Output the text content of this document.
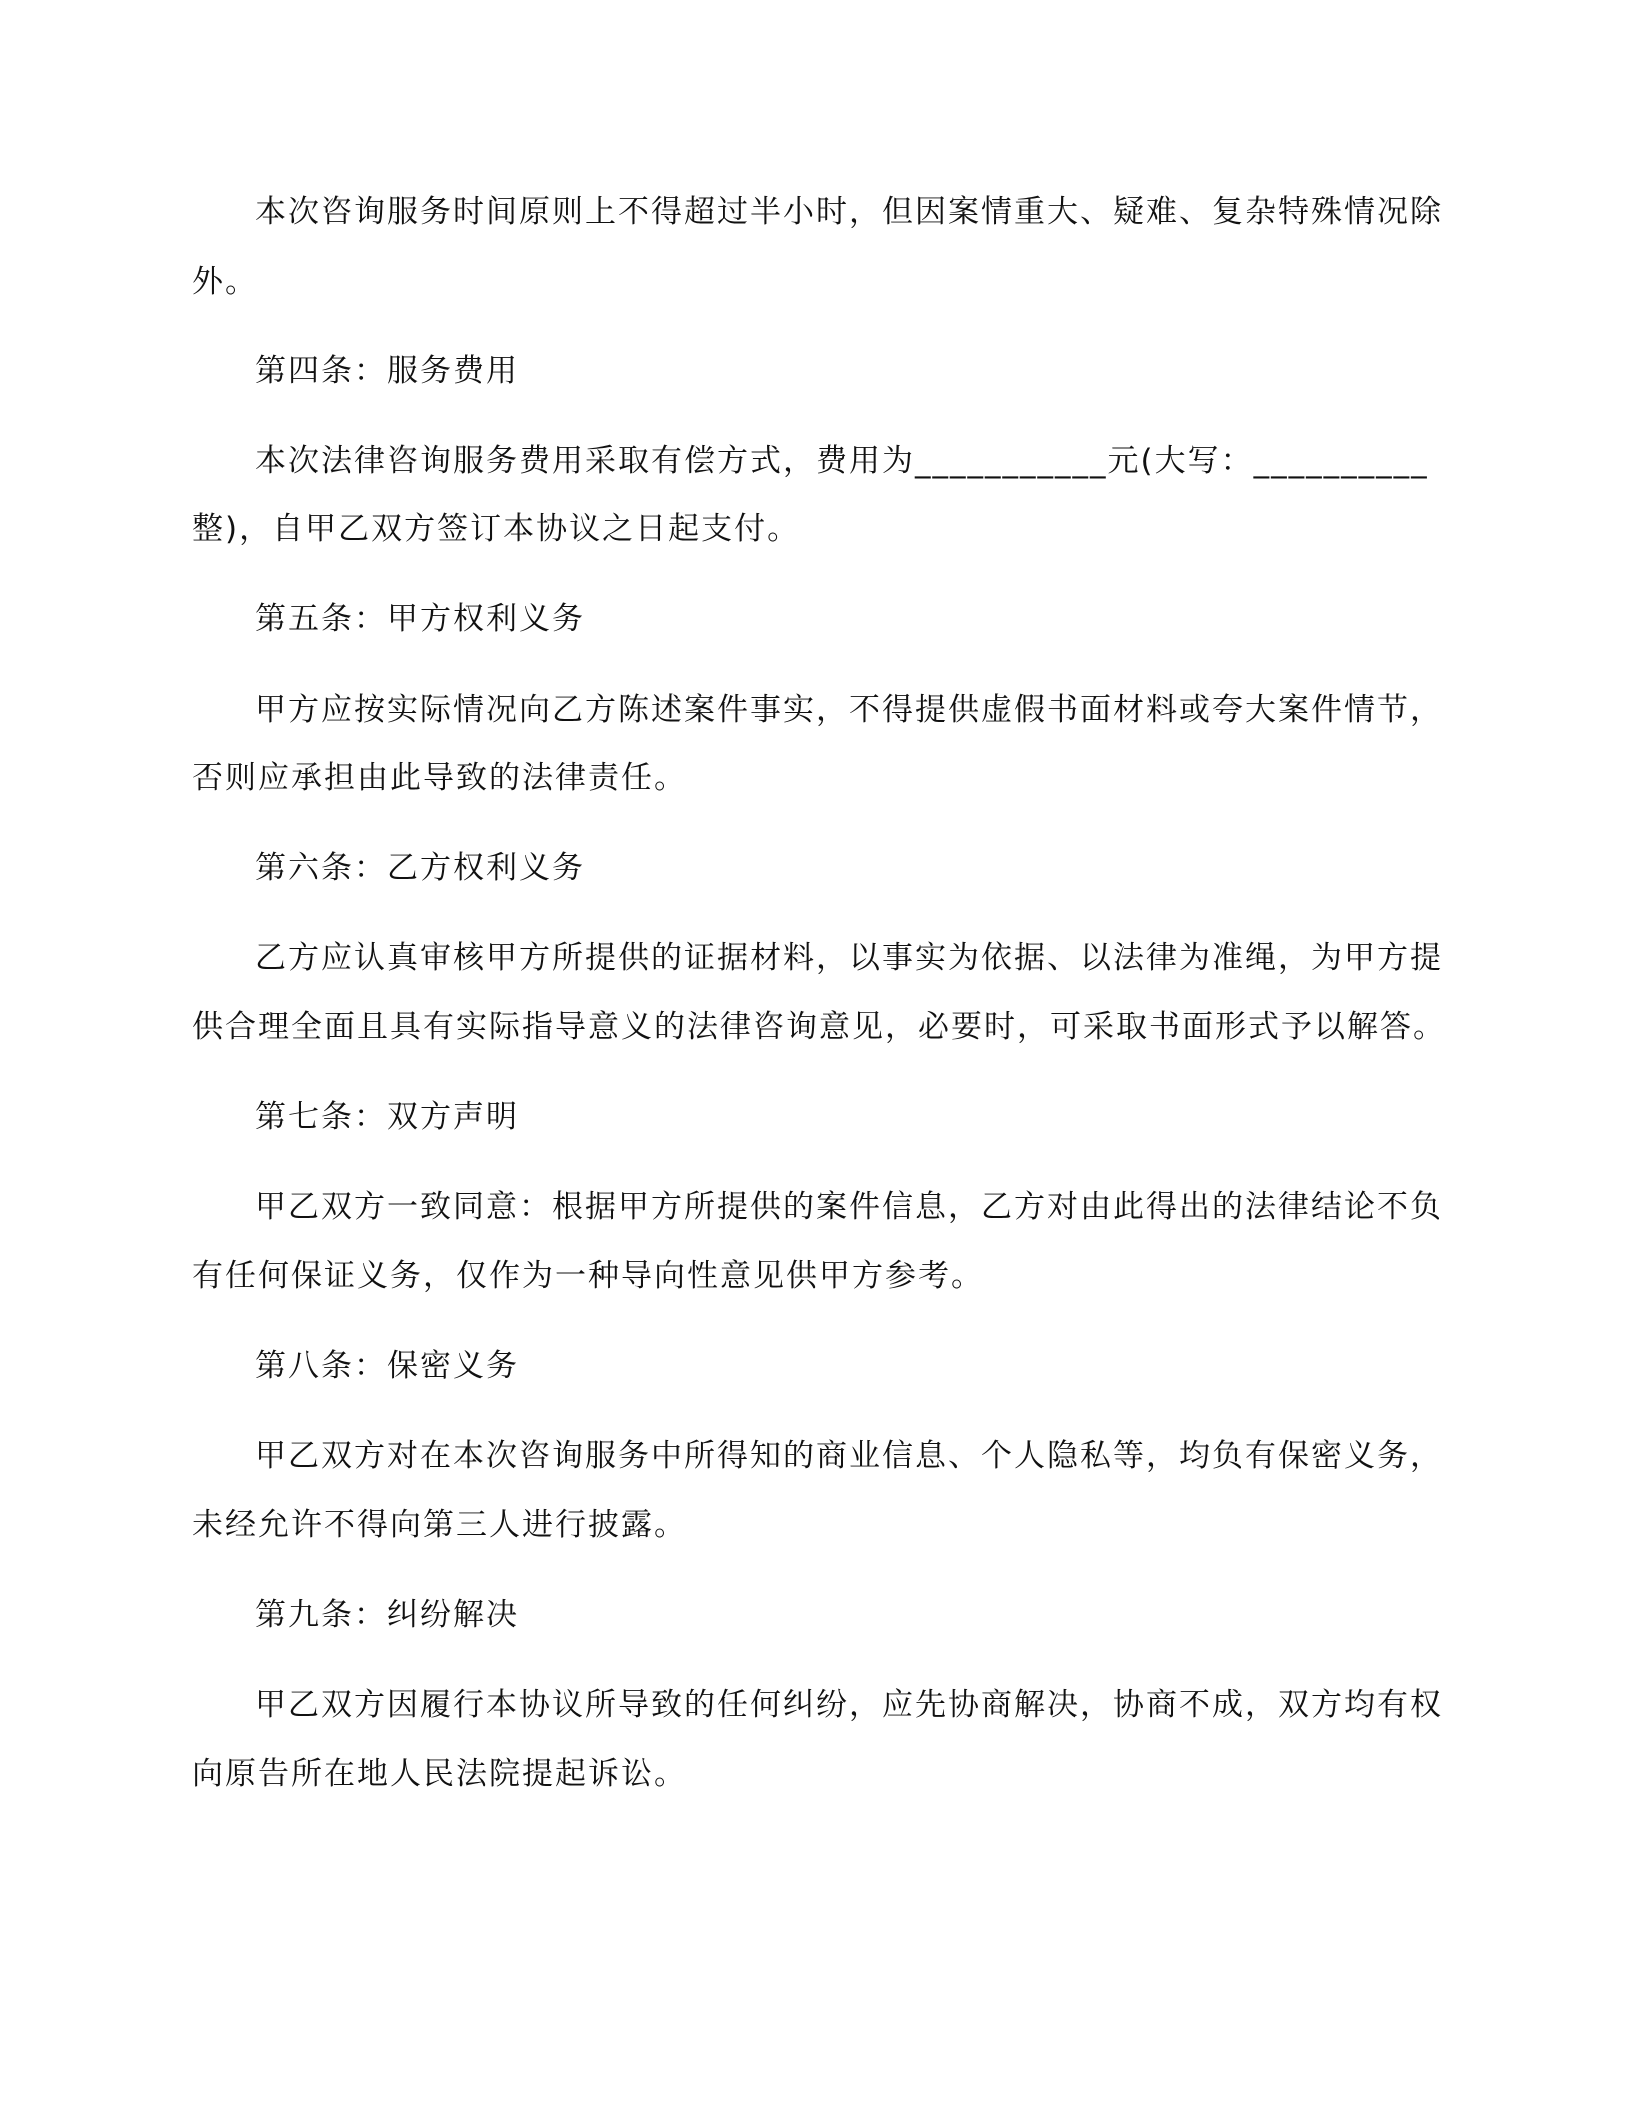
本次咨询服务时间原则上不得超过半小时，但因案情重大、疑难、复杂特殊情况除
外。
第四条：服务费用
本次法律咨询服务费用采取有偿方式，费用为___________元(大写：__________
整)，自甲乙双方签订本协议之日起支付。
第五条：甲方权利义务
甲方应按实际情况向乙方陈述案件事实，不得提供虚假书面材料或夸大案件情节，
否则应承担由此导致的法律责任。
第六条：乙方权利义务
乙方应认真审核甲方所提供的证据材料，以事实为依据、以法律为准绳，为甲方提
供合理全面且具有实际指导意义的法律咨询意见，必要时，可采取书面形式予以解答。
第七条：双方声明
甲乙双方一致同意：根据甲方所提供的案件信息，乙方对由此得出的法律结论不负
有任何保证义务，仅作为一种导向性意见供甲方参考。
第八条：保密义务
甲乙双方对在本次咨询服务中所得知的商业信息、个人隐私等，均负有保密义务，
未经允许不得向第三人进行披露。
第九条：纠纷解决
甲乙双方因履行本协议所导致的任何纠纷，应先协商解决，协商不成，双方均有权
向原告所在地人民法院提起诉讼。
